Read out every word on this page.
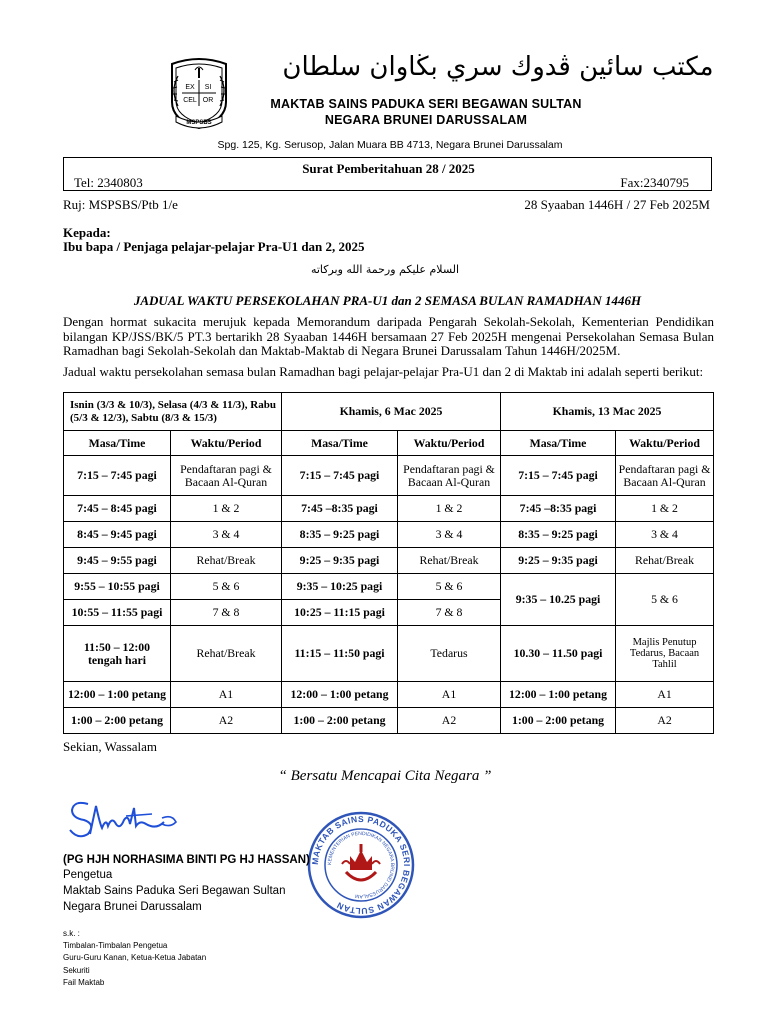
EX SI
CEL OR
MSPSBS
مكتب سائين ڤدوك سري بڬاوان سلطان
MAKTAB SAINS PADUKA SERI BEGAWAN SULTAN
NEGARA BRUNEI DARUSSALAM
Spg. 125, Kg. Serusop, Jalan Muara BB 4713, Negara Brunei Darussalam
Surat Pemberitahuan 28 / 2025
Tel: 2340803	Fax:2340795
Ruj: MSPSBS/Ptb 1/e	28 Syaaban 1446H / 27 Feb 2025M
Kepada:
Ibu bapa / Penjaga pelajar-pelajar Pra-U1 dan 2, 2025
السلام عليكم ورحمة الله وبركاته
JADUAL WAKTU PERSEKOLAHAN PRA-U1 dan 2 SEMASA BULAN RAMADHAN 1446H
Dengan hormat sukacita merujuk kepada Memorandum daripada Pengarah Sekolah-Sekolah, Kementerian Pendidikan bilangan KP/JSS/BK/5 PT.3 bertarikh 28 Syaaban 1446H bersamaan 27 Feb 2025H mengenai Persekolahan Semasa Bulan Ramadhan bagi Sekolah-Sekolah dan Maktab-Maktab di Negara Brunei Darussalam Tahun 1446H/2025M.
Jadual waktu persekolahan semasa bulan Ramadhan bagi pelajar-pelajar Pra-U1 dan 2 di Maktab ini adalah seperti berikut:
Isnin (3/3 & 10/3), Selasa (4/3 & 11/3), Rabu (5/3 & 12/3), Sabtu (8/3 & 15/3)		Khamis, 6 Mac 2025		Khamis, 13 Mac 2025	
Masa/Time	Waktu/Period	Masa/Time	Waktu/Period	Masa/Time	Waktu/Period
7:15 – 7:45 pagi	Pendaftaran pagi & Bacaan Al-Quran	7:15 – 7:45 pagi	Pendaftaran pagi & Bacaan Al-Quran	7:15 – 7:45 pagi	Pendaftaran pagi & Bacaan Al-Quran
7:45 – 8:45 pagi	1 & 2	7:45 –8:35 pagi	1 & 2	7:45 –8:35 pagi	1 & 2
8:45 – 9:45 pagi	3 & 4	8:35 – 9:25 pagi	3 & 4	8:35 – 9:25 pagi	3 & 4
9:45 – 9:55 pagi	Rehat/Break	9:25 – 9:35 pagi	Rehat/Break	9:25 – 9:35 pagi	Rehat/Break
9:55 – 10:55 pagi	5 & 6	9:35 – 10:25 pagi	5 & 6	9:35 – 10.25 pagi	5 & 6
10:55 – 11:55 pagi	7 & 8	10:25 – 11:15 pagi	7 & 8		
11:50 – 12:00 tengah hari	Rehat/Break	11:15 – 11:50 pagi	Tedarus	10.30 – 11.50 pagi	Majlis Penutup Tedarus, Bacaan Tahlil
12:00 – 1:00 petang	A1	12:00 – 1:00 petang	A1	12:00 – 1:00 petang	A1
1:00 – 2:00 petang	A2	1:00 – 2:00 petang	A2	1:00 – 2:00 petang	A2
Sekian, Wassalam
“ Bersatu Mencapai Cita Negara ”
MAKTAB SAINS PADUKA SERI BEGAWAN SULTAN
KEMENTERIAN PENDIDIKAN NEGARA BRUNEI DARUSSALAM
(PG HJH NORHASIMA BINTI PG HJ HASSAN)
Pengetua
Maktab Sains Paduka Seri Begawan Sultan
Negara Brunei Darussalam
s.k. :
Timbalan-Timbalan Pengetua
Guru-Guru Kanan, Ketua-Ketua Jabatan
Sekuriti
Fail Maktab
